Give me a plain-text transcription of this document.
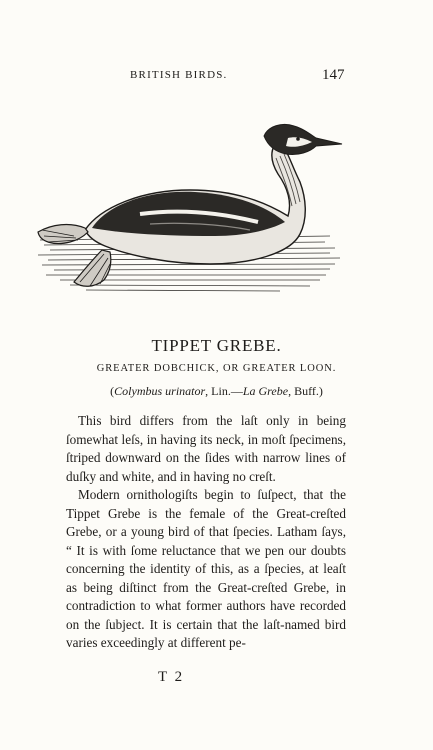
BRITISH BIRDS.	147
TIPPET GREBE.
GREATER DOBCHICK, OR GREATER LOON.
(Colymbus urinator, Lin.—La Grebe, Buff.)

This bird differs from the laſt only in being ſomewhat leſs, in having its neck, in moſt ſpecimens, ſtriped downward on the ſides with narrow lines of duſky and white, and in having no creſt.

Modern ornithologiſts begin to ſuſpect, that the Tippet Grebe is the female of the Great-creſted Grebe, or a young bird of that ſpecies. Latham ſays, “ It is with ſome reluctance that we pen our doubts concerning the identity of this, as a ſpecies, at leaſt as being diſtinct from the Great-creſted Grebe, in contradiction to what former authors have recorded on the ſubject. It is certain that the laſt-named bird varies exceedingly at different pe-

T 2
